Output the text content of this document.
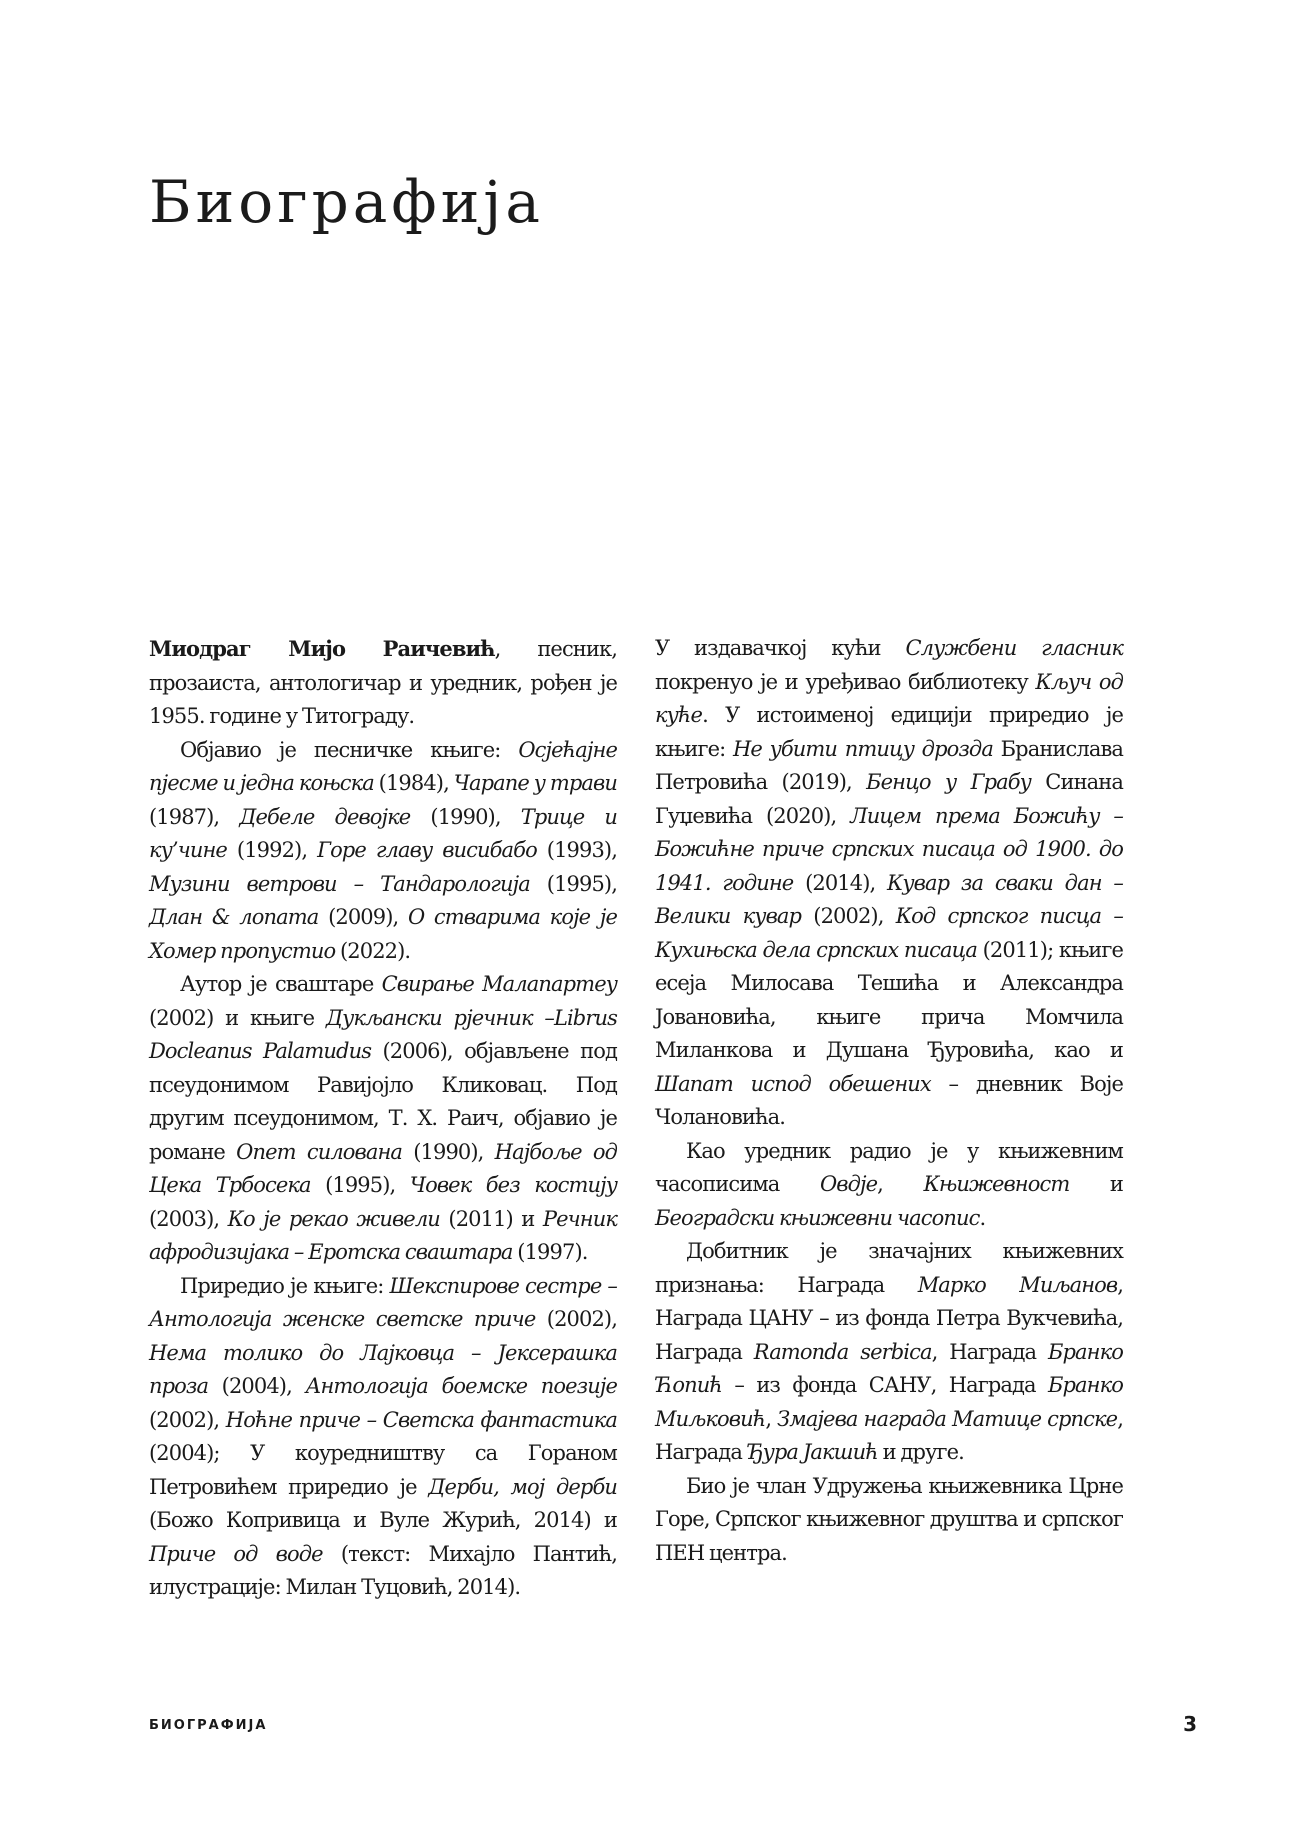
Биографија

Миодраг Мијо Раичевић, песник, прозаиста, антологичар и уредник, рођен је 1955. године у Титограду.

Објавио је песничке књиге: Осјећајне пјесме и једна коњска (1984), Чарапе у трави (1987), Дебеле девојке (1990), Трице и ку’чине (1992), Горе главу висибабо (1993), Музини ветрови – Тандарологија (1995), Длан & лопата (2009), О стварима које је Хомер пропустио (2022).

Аутор је сваштаре Свирање Малапартеу (2002) и књиге Дукљански рјечник –Librus Docleanus Palamudus (2006), објављене под псеудонимом Равијојло Кликовац. Под другим псеудонимом, Т. Х. Раич, објавио је романе Опет силована (1990), Најбоље од Цека Трбосека (1995), Човек без костију (2003), Ко је рекао живели (2011) и Речник афродизијака – Еротска сваштара (1997).

Приредио је књиге: Шекспирове сестре – Антологија женске светске приче (2002), Нема толико до Лајковца – Јексерашка проза (2004), Антологија боемске поезије (2002), Ноћне приче – Светска фантастика (2004); У коуредништву са Гораном Петровићем приредио је Дерби, мој дерби (Божо Копривица и Вуле Журић, 2014) и Приче од воде (текст: Михајло Пантић, илустрације: Милан Туцовић, 2014).

У издавачкој кући Службени гласник покренуо је и уређивао библиотеку Кључ од куће. У истоименој едицији приредио је књиге: Не убити птицу дрозда Бранислава Петровића (2019), Бенцо у Грабу Синана Гуџевића (2020), Лицем према Божићу – Божићне приче српских писаца од 1900. до 1941. године (2014), Кувар за сваки дан – Велики кувар (2002), Код српског писца – Кухињска дела српских писаца (2011); књиге есеја Милосава Тешића и Александра Јовановића, књиге прича Момчила Миланкова и Душана Ђуровића, као и Шапат испод обешених – дневник Воје Чолановића.

Као уредник радио је у књижевним часописима Овдје, Књижевност и Београдски књижевни часопис.

Добитник је значајних књижевних признања: Награда Марко Миљанов, Награда ЦАНУ – из фонда Петра Вукчевића, Награда Ramonda serbica, Награда Бранко Ћопић – из фонда САНУ, Награда Бранко Миљковић, Змајева награда Матице српске, Награда Ђура Јакшић и друге.

Био је члан Удружења књижевника Црне Горе, Српског књижевног друштва и српског ПЕН центра.

БИОГРАФИЈА	3
